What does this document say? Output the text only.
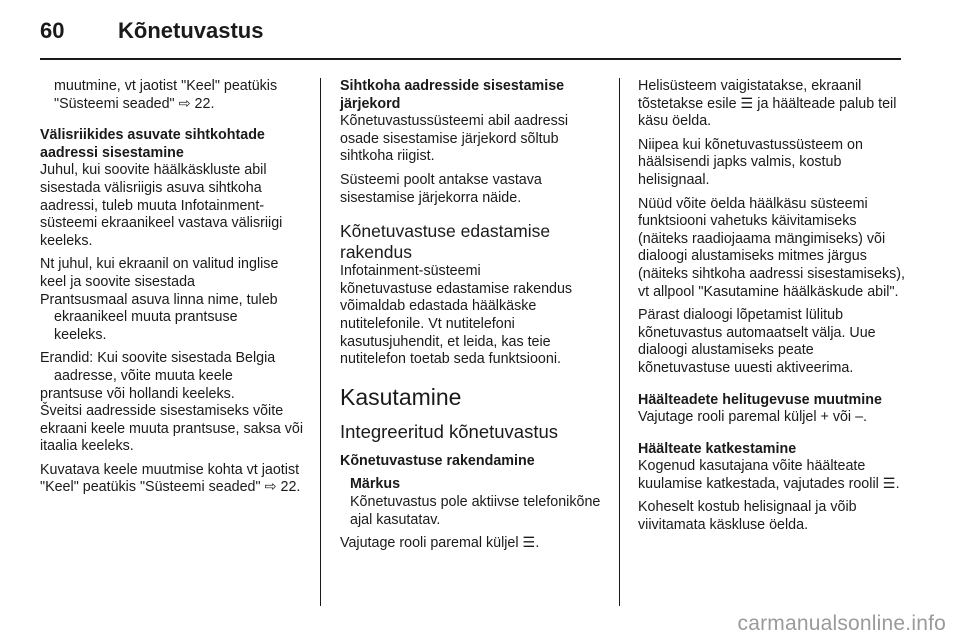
60	Kõnetuvastus

muutmine, vt jaotist "Keel" peatükis "Süsteemi seaded" ⇨ 22.

Välisriikides asuvate sihtkohtade aadressi sisestamine

Juhul, kui soovite häälkäskluste abil sisestada välisriigis asuva sihtkoha aadressi, tuleb muuta Infotainment-süsteemi ekraanikeel vastava välisriigi keeleks.

Nt juhul, kui ekraanil on valitud inglise keel ja soovite sisestada

Prantsusmaal asuva linna nime, tuleb ekraanikeel muuta prantsuse
keeleks.

Erandid: Kui soovite sisestada Belgia aadresse, võite muuta keele

prantsuse või hollandi keeleks.

Šveitsi aadresside sisestamiseks võite ekraani keele muuta prantsuse, saksa või itaalia keeleks.

Kuvatava keele muutmise kohta vt jaotist "Keel" peatükis "Süsteemi seaded" ⇨ 22.

Sihtkoha aadresside sisestamise järjekord

Kõnetuvastussüsteemi abil aadressi osade sisestamise järjekord sõltub sihtkoha riigist.

Süsteemi poolt antakse vastava sisestamise järjekorra näide.

Kõnetuvastuse edastamise rakendus

Infotainment-süsteemi

kõnetuvastuse edastamise rakendus võimaldab edastada häälkäske nutitelefonile. Vt nutitelefoni kasutusjuhendit, et leida, kas teie nutitelefon toetab seda funktsiooni.

Kasutamine

Integreeritud kõnetuvastus

Kõnetuvastuse rakendamine

Märkus
Kõnetuvastus pole aktiivse telefonikõne ajal kasutatav.

Vajutage rooli paremal küljel ☰.

Helisüsteem vaigistatakse, ekraanil tõstetakse esile ☰ ja häälteade palub teil käsu öelda.

Niipea kui kõnetuvastussüsteem on häälsisendi japks valmis, kostub helisignaal.

Nüüd võite öelda häälkäsu süsteemi funktsiooni vahetuks käivitamiseks (näiteks raadiojaama mängimiseks) või dialoogi alustamiseks mitmes järgus (näiteks sihtkoha aadressi sisestamiseks), vt allpool "Kasutamine häälkäskude abil".

Pärast dialoogi lõpetamist lülitub kõnetuvastus automaatselt välja. Uue dialoogi alustamiseks peate kõnetuvastuse uuesti aktiveerima.

Häälteadete helitugevuse muutmine

Vajutage rooli paremal küljel + või –.

Häälteate katkestamine

Kogenud kasutajana võite häälteate kuulamise katkestada, vajutades roolil ☰.

Koheselt kostub helisignaal ja võib viivitamata käskluse öelda.

carmanualsonline.info
